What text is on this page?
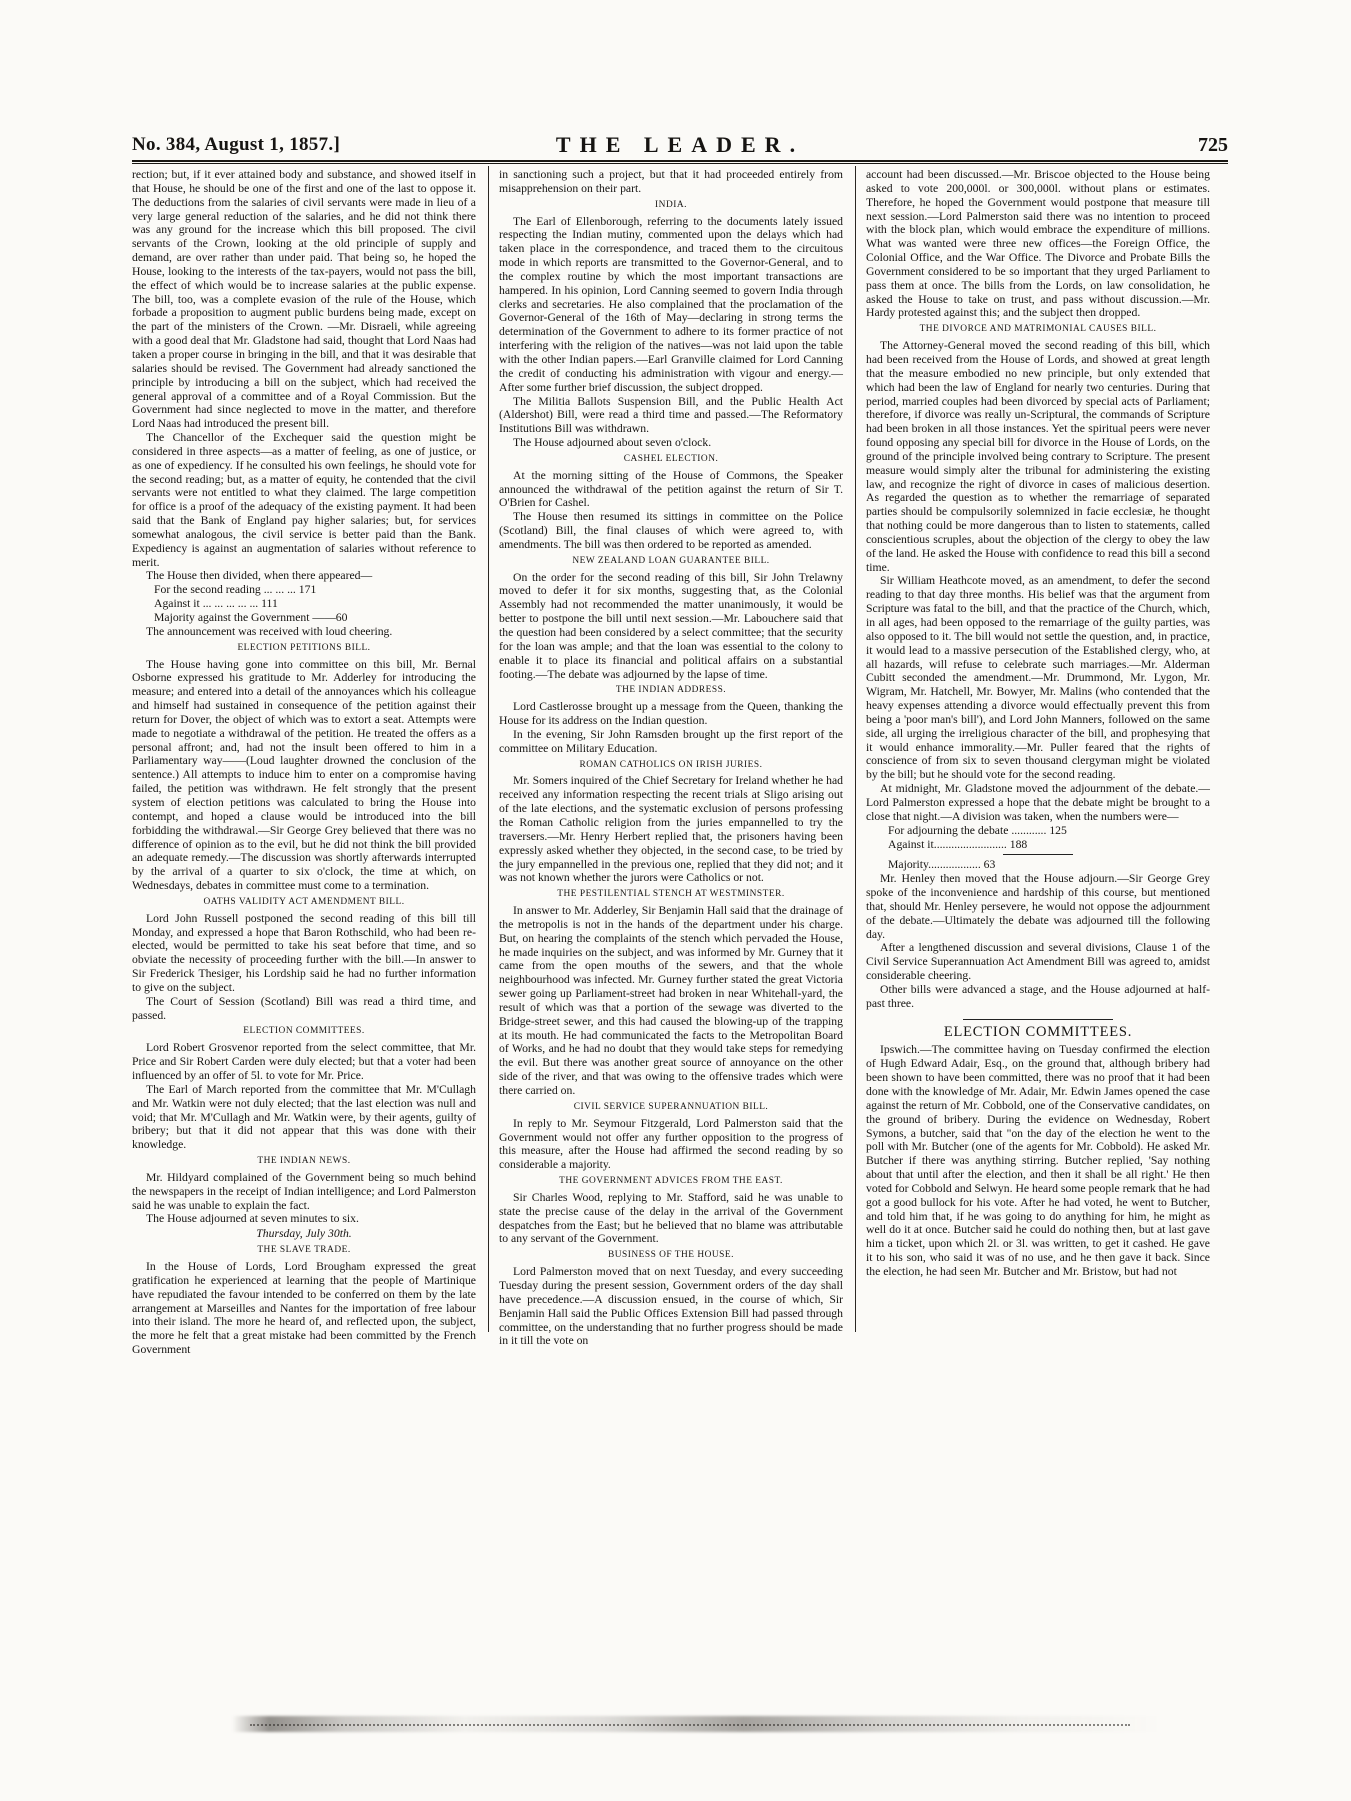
No. 384, August 1, 1857.]	THE LEADER.	725

rection; but, if it ever attained body and substance, and showed itself in that House, he should be one of the first and one of the last to oppose it. The deductions from the salaries of civil servants were made in lieu of a very large general reduction of the salaries, and he did not think there was any ground for the increase which this bill proposed. The civil servants of the Crown, looking at the old principle of supply and demand, are over rather than under paid. That being so, he hoped the House, looking to the interests of the tax-payers, would not pass the bill, the effect of which would be to increase salaries at the public expense. The bill, too, was a complete evasion of the rule of the House, which forbade a proposition to augment public burdens being made, except on the part of the ministers of the Crown. —Mr. Disraeli, while agreeing with a good deal that Mr. Gladstone had said, thought that Lord Naas had taken a proper course in bringing in the bill, and that it was desirable that salaries should be revised. The Government had already sanctioned the principle by introducing a bill on the subject, which had received the general approval of a committee and of a Royal Commission. But the Government had since neglected to move in the matter, and therefore Lord Naas had introduced the present bill.

The Chancellor of the Exchequer said the question might be considered in three aspects—as a matter of feeling, as one of justice, or as one of expediency. If he consulted his own feelings, he should vote for the second reading; but, as a matter of equity, he contended that the civil servants were not entitled to what they claimed. The large competition for office is a proof of the adequacy of the existing payment. It had been said that the Bank of England pay higher salaries; but, for services somewhat analogous, the civil service is better paid than the Bank. Expediency is against an augmentation of salaries without reference to merit.

The House then divided, when there appeared—

For the second reading ... ... ... 171
Against it ... ... ... ... ... 111
Majority against the Government ——60

The announcement was received with loud cheering.

ELECTION PETITIONS BILL.

The House having gone into committee on this bill, Mr. Bernal Osborne expressed his gratitude to Mr. Adderley for introducing the measure; and entered into a detail of the annoyances which his colleague and himself had sustained in consequence of the petition against their return for Dover, the object of which was to extort a seat. Attempts were made to negotiate a withdrawal of the petition. He treated the offers as a personal affront; and, had not the insult been offered to him in a Parliamentary way——(Loud laughter drowned the conclusion of the sentence.) All attempts to induce him to enter on a compromise having failed, the petition was withdrawn. He felt strongly that the present system of election petitions was calculated to bring the House into contempt, and hoped a clause would be introduced into the bill forbidding the withdrawal.—Sir George Grey believed that there was no difference of opinion as to the evil, but he did not think the bill provided an adequate remedy.—The discussion was shortly afterwards interrupted by the arrival of a quarter to six o'clock, the time at which, on Wednesdays, debates in committee must come to a termination.

OATHS VALIDITY ACT AMENDMENT BILL.

Lord John Russell postponed the second reading of this bill till Monday, and expressed a hope that Baron Rothschild, who had been re-elected, would be permitted to take his seat before that time, and so obviate the necessity of proceeding further with the bill.—In answer to Sir Frederick Thesiger, his Lordship said he had no further information to give on the subject.

The Court of Session (Scotland) Bill was read a third time, and passed.

ELECTION COMMITTEES.

Lord Robert Grosvenor reported from the select committee, that Mr. Price and Sir Robert Carden were duly elected; but that a voter had been influenced by an offer of 5l. to vote for Mr. Price.

The Earl of March reported from the committee that Mr. M'Cullagh and Mr. Watkin were not duly elected; that the last election was null and void; that Mr. M'Cullagh and Mr. Watkin were, by their agents, guilty of bribery; but that it did not appear that this was done with their knowledge.

THE INDIAN NEWS.

Mr. Hildyard complained of the Government being so much behind the newspapers in the receipt of Indian intelligence; and Lord Palmerston said he was unable to explain the fact.

The House adjourned at seven minutes to six.

Thursday, July 30th.
THE SLAVE TRADE.

In the House of Lords, Lord Brougham expressed the great gratification he experienced at learning that the people of Martinique have repudiated the favour intended to be conferred on them by the late arrangement at Marseilles and Nantes for the importation of free labour into their island. The more he heard of, and reflected upon, the subject, the more he felt that a great mistake had been committed by the French Government

in sanctioning such a project, but that it had proceeded entirely from misapprehension on their part.

INDIA.

The Earl of Ellenborough, referring to the documents lately issued respecting the Indian mutiny, commented upon the delays which had taken place in the correspondence, and traced them to the circuitous mode in which reports are transmitted to the Governor-General, and to the complex routine by which the most important transactions are hampered. In his opinion, Lord Canning seemed to govern India through clerks and secretaries. He also complained that the proclamation of the Governor-General of the 16th of May—declaring in strong terms the determination of the Government to adhere to its former practice of not interfering with the religion of the natives—was not laid upon the table with the other Indian papers.—Earl Granville claimed for Lord Canning the credit of conducting his administration with vigour and energy.—After some further brief discussion, the subject dropped.

The Militia Ballots Suspension Bill, and the Public Health Act (Aldershot) Bill, were read a third time and passed.—The Reformatory Institutions Bill was withdrawn.

The House adjourned about seven o'clock.

CASHEL ELECTION.

At the morning sitting of the House of Commons, the Speaker announced the withdrawal of the petition against the return of Sir T. O'Brien for Cashel.

The House then resumed its sittings in committee on the Police (Scotland) Bill, the final clauses of which were agreed to, with amendments. The bill was then ordered to be reported as amended.

NEW ZEALAND LOAN GUARANTEE BILL.

On the order for the second reading of this bill, Sir John Trelawny moved to defer it for six months, suggesting that, as the Colonial Assembly had not recommended the matter unanimously, it would be better to postpone the bill until next session.—Mr. Labouchere said that the question had been considered by a select committee; that the security for the loan was ample; and that the loan was essential to the colony to enable it to place its financial and political affairs on a substantial footing.—The debate was adjourned by the lapse of time.

THE INDIAN ADDRESS.

Lord Castlerosse brought up a message from the Queen, thanking the House for its address on the Indian question.

In the evening, Sir John Ramsden brought up the first report of the committee on Military Education.

ROMAN CATHOLICS ON IRISH JURIES.

Mr. Somers inquired of the Chief Secretary for Ireland whether he had received any information respecting the recent trials at Sligo arising out of the late elections, and the systematic exclusion of persons professing the Roman Catholic religion from the juries empannelled to try the traversers.—Mr. Henry Herbert replied that, the prisoners having been expressly asked whether they objected, in the second case, to be tried by the jury empannelled in the previous one, replied that they did not; and it was not known whether the jurors were Catholics or not.

THE PESTILENTIAL STENCH AT WESTMINSTER.

In answer to Mr. Adderley, Sir Benjamin Hall said that the drainage of the metropolis is not in the hands of the department under his charge. But, on hearing the complaints of the stench which pervaded the House, he made inquiries on the subject, and was informed by Mr. Gurney that it came from the open mouths of the sewers, and that the whole neighbourhood was infected. Mr. Gurney further stated the great Victoria sewer going up Parliament-street had broken in near Whitehall-yard, the result of which was that a portion of the sewage was diverted to the Bridge-street sewer, and this had caused the blowing-up of the trapping at its mouth. He had communicated the facts to the Metropolitan Board of Works, and he had no doubt that they would take steps for remedying the evil. But there was another great source of annoyance on the other side of the river, and that was owing to the offensive trades which were there carried on.

CIVIL SERVICE SUPERANNUATION BILL.

In reply to Mr. Seymour Fitzgerald, Lord Palmerston said that the Government would not offer any further opposition to the progress of this measure, after the House had affirmed the second reading by so considerable a majority.

THE GOVERNMENT ADVICES FROM THE EAST.

Sir Charles Wood, replying to Mr. Stafford, said he was unable to state the precise cause of the delay in the arrival of the Government despatches from the East; but he believed that no blame was attributable to any servant of the Government.

BUSINESS OF THE HOUSE.

Lord Palmerston moved that on next Tuesday, and every succeeding Tuesday during the present session, Government orders of the day shall have precedence.—A discussion ensued, in the course of which, Sir Benjamin Hall said the Public Offices Extension Bill had passed through committee, on the understanding that no further progress should be made in it till the vote on

account had been discussed.—Mr. Briscoe objected to the House being asked to vote 200,000l. or 300,000l. without plans or estimates. Therefore, he hoped the Government would postpone that measure till next session.—Lord Palmerston said there was no intention to proceed with the block plan, which would embrace the expenditure of millions. What was wanted were three new offices—the Foreign Office, the Colonial Office, and the War Office. The Divorce and Probate Bills the Government considered to be so important that they urged Parliament to pass them at once. The bills from the Lords, on law consolidation, he asked the House to take on trust, and pass without discussion.—Mr. Hardy protested against this; and the subject then dropped.

THE DIVORCE AND MATRIMONIAL CAUSES BILL.

The Attorney-General moved the second reading of this bill, which had been received from the House of Lords, and showed at great length that the measure embodied no new principle, but only extended that which had been the law of England for nearly two centuries. During that period, married couples had been divorced by special acts of Parliament; therefore, if divorce was really un-Scriptural, the commands of Scripture had been broken in all those instances. Yet the spiritual peers were never found opposing any special bill for divorce in the House of Lords, on the ground of the principle involved being contrary to Scripture. The present measure would simply alter the tribunal for administering the existing law, and recognize the right of divorce in cases of malicious desertion. As regarded the question as to whether the remarriage of separated parties should be compulsorily solemnized in facie ecclesiæ, he thought that nothing could be more dangerous than to listen to statements, called conscientious scruples, about the objection of the clergy to obey the law of the land. He asked the House with confidence to read this bill a second time.

Sir William Heathcote moved, as an amendment, to defer the second reading to that day three months. His belief was that the argument from Scripture was fatal to the bill, and that the practice of the Church, which, in all ages, had been opposed to the remarriage of the guilty parties, was also opposed to it. The bill would not settle the question, and, in practice, it would lead to a massive persecution of the Established clergy, who, at all hazards, will refuse to celebrate such marriages.—Mr. Alderman Cubitt seconded the amendment.—Mr. Drummond, Mr. Lygon, Mr. Wigram, Mr. Hatchell, Mr. Bowyer, Mr. Malins (who contended that the heavy expenses attending a divorce would effectually prevent this from being a 'poor man's bill'), and Lord John Manners, followed on the same side, all urging the irreligious character of the bill, and prophesying that it would enhance immorality.—Mr. Puller feared that the rights of conscience of from six to seven thousand clergyman might be violated by the bill; but he should vote for the second reading.

At midnight, Mr. Gladstone moved the adjournment of the debate.—Lord Palmerston expressed a hope that the debate might be brought to a close that night.—A division was taken, when the numbers were—

For adjourning the debate ............ 125
Against it......................... 188
Majority.................. 63

Mr. Henley then moved that the House adjourn.—Sir George Grey spoke of the inconvenience and hardship of this course, but mentioned that, should Mr. Henley persevere, he would not oppose the adjournment of the debate.—Ultimately the debate was adjourned till the following day.

After a lengthened discussion and several divisions, Clause 1 of the Civil Service Superannuation Act Amendment Bill was agreed to, amidst considerable cheering.

Other bills were advanced a stage, and the House adjourned at half-past three.

ELECTION COMMITTEES.

Ipswich.—The committee having on Tuesday confirmed the election of Hugh Edward Adair, Esq., on the ground that, although bribery had been shown to have been committed, there was no proof that it had been done with the knowledge of Mr. Adair, Mr. Edwin James opened the case against the return of Mr. Cobbold, one of the Conservative candidates, on the ground of bribery. During the evidence on Wednesday, Robert Symons, a butcher, said that "on the day of the election he went to the poll with Mr. Butcher (one of the agents for Mr. Cobbold). He asked Mr. Butcher if there was anything stirring. Butcher replied, 'Say nothing about that until after the election, and then it shall be all right.' He then voted for Cobbold and Selwyn. He heard some people remark that he had got a good bullock for his vote. After he had voted, he went to Butcher, and told him that, if he was going to do anything for him, he might as well do it at once. Butcher said he could do nothing then, but at last gave him a ticket, upon which 2l. or 3l. was written, to get it cashed. He gave it to his son, who said it was of no use, and he then gave it back. Since the election, he had seen Mr. Butcher and Mr. Bristow, but had not
